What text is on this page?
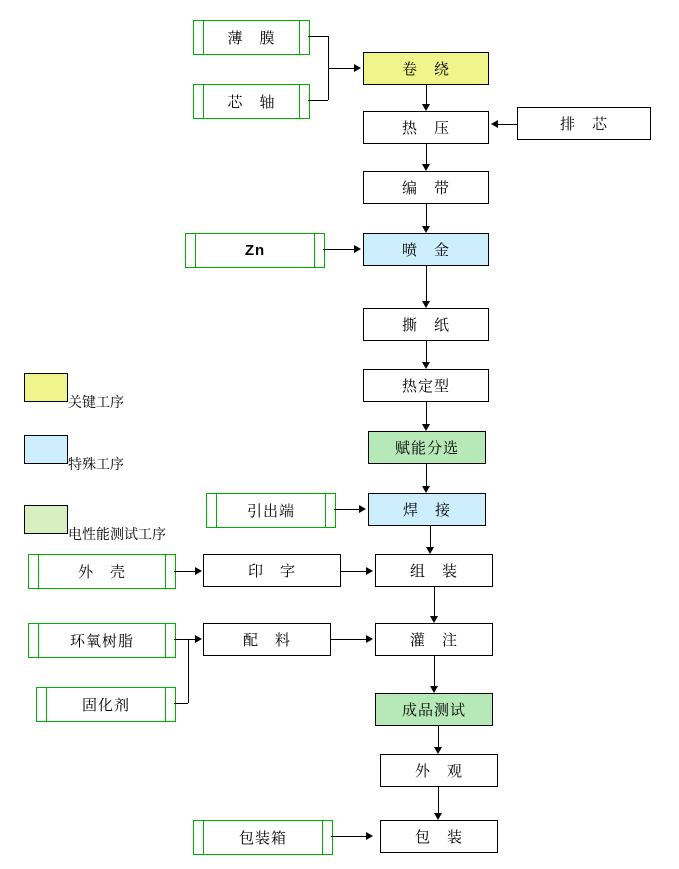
薄　膜
芯　轴
Zn
引出端
外　壳
环氧树脂
固化剂
包装箱
卷　绕
热　压
编　带
喷　金
撕　纸
热定型
赋能分选
焊　接
组　装
灌　注
成品测试
外　观
包　装
排　芯
印　字
配　料
关键工序
特殊工序
电性能测试工序
